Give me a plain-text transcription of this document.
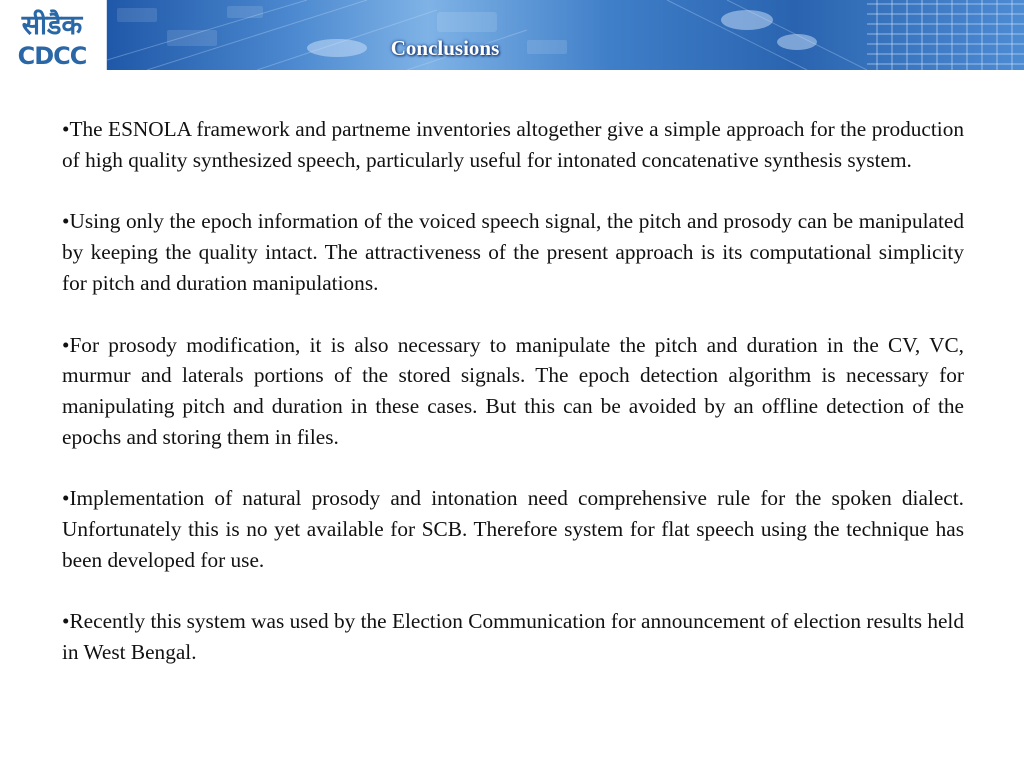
सीडैक
CDCC	Conclusions

•The ESNOLA framework and partneme inventories altogether give a simple approach for the production of high quality synthesized speech, particularly useful for intonated concatenative synthesis system.

•Using only the epoch information of the voiced speech signal, the pitch and prosody can be manipulated by keeping the quality intact. The attractiveness of the present approach is its computational simplicity for pitch and duration manipulations.

•For prosody modification, it is also necessary to manipulate the pitch and duration in the CV, VC, murmur and laterals portions of the stored signals. The epoch detection algorithm is necessary for manipulating pitch and duration in these cases. But this can be avoided by an offline detection of the epochs and storing them in files.

•Implementation of natural prosody and intonation need comprehensive rule for the spoken dialect. Unfortunately this is no yet available for SCB. Therefore system for flat speech using the technique has been developed for use.

•Recently this system was used by the Election Communication for announcement of election results held in West Bengal.
